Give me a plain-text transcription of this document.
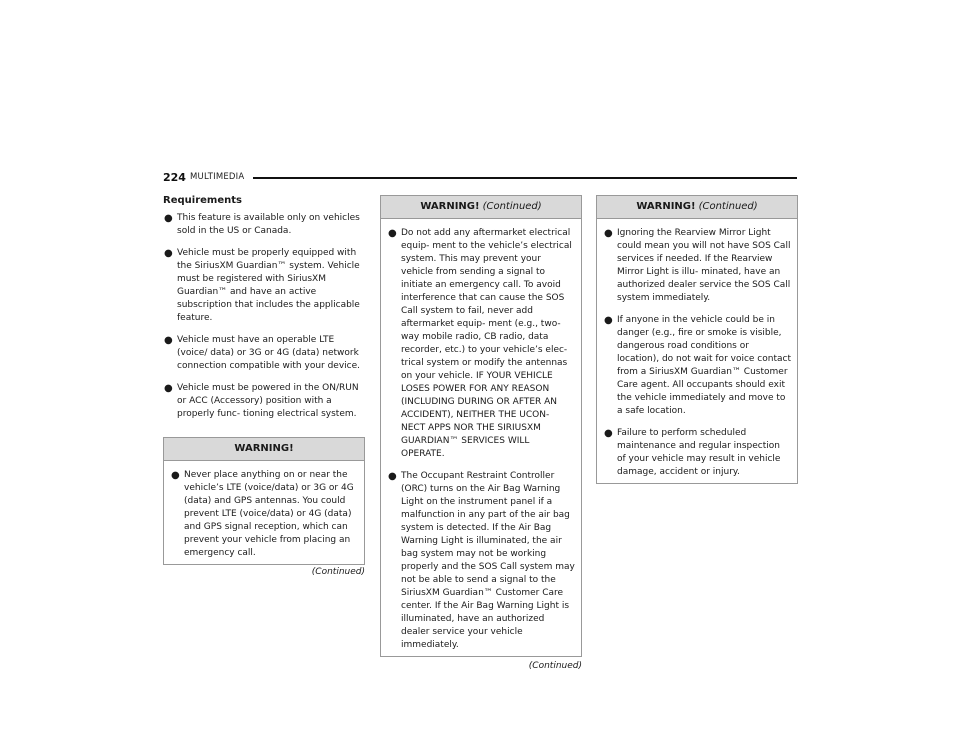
224 MULTIMEDIA
Requirements
● This feature is available only on vehicles sold in the US or Canada.
● Vehicle must be properly equipped with the SiriusXM Guardian™ system. Vehicle must be registered with SiriusXM Guardian™ and have an active subscription that includes the applicable feature.
● Vehicle must have an operable LTE (voice/ data) or 3G or 4G (data) network connection compatible with your device.
● Vehicle must be powered in the ON/RUN or ACC (Accessory) position with a properly func- tioning electrical system.
WARNING!
● Never place anything on or near the vehicle’s LTE (voice/data) or 3G or 4G (data) and GPS antennas. You could prevent LTE (voice/data) or 4G (data) and GPS signal reception, which can prevent your vehicle from placing an emergency call.
(Continued)
WARNING! (Continued)
● Do not add any aftermarket electrical equip- ment to the vehicle’s electrical system. This may prevent your vehicle from sending a signal to initiate an emergency call. To avoid interference that can cause the SOS Call system to fail, never add aftermarket equip- ment (e.g., two-way mobile radio, CB radio, data recorder, etc.) to your vehicle’s elec- trical system or modify the antennas on your vehicle. IF YOUR VEHICLE LOSES POWER FOR ANY REASON (INCLUDING DURING OR AFTER AN ACCIDENT), NEITHER THE UCON- NECT APPS NOR THE SIRIUSXM GUARDIAN™ SERVICES WILL OPERATE.
● The Occupant Restraint Controller (ORC) turns on the Air Bag Warning Light on the instrument panel if a malfunction in any part of the air bag system is detected. If the Air Bag Warning Light is illuminated, the air bag system may not be working properly and the SOS Call system may not be able to send a signal to the SiriusXM Guardian™ Customer Care center. If the Air Bag Warning Light is illuminated, have an authorized dealer service your vehicle immediately.
(Continued)
WARNING! (Continued)
● Ignoring the Rearview Mirror Light could mean you will not have SOS Call services if needed. If the Rearview Mirror Light is illu- minated, have an authorized dealer service the SOS Call system immediately.
● If anyone in the vehicle could be in danger (e.g., fire or smoke is visible, dangerous road conditions or location), do not wait for voice contact from a SiriusXM Guardian™ Customer Care agent. All occupants should exit the vehicle immediately and move to a safe location.
● Failure to perform scheduled maintenance and regular inspection of your vehicle may result in vehicle damage, accident or injury.
